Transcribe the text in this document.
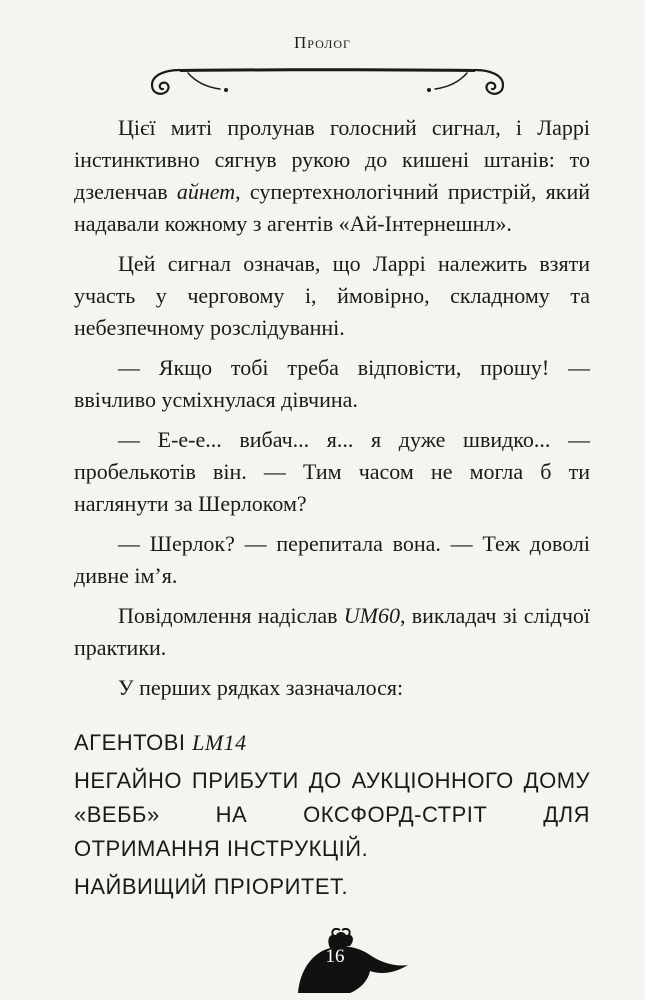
Пролог

Цієї миті пролунав голосний сигнал, і Ларрі інстинктивно сягнув рукою до кишені штанів: то дзеленчав айнет, супертехнологічний пристрій, який надавали кожному з агентів «Ай-Інтернешнл».

Цей сигнал означав, що Ларрі належить взяти участь у черговому і, ймовірно, складному та небезпечному розслідуванні.

— Якщо тобі треба відповісти, прошу! — ввічливо усміхнулася дівчина.

— Е-е-е... вибач... я... я дуже швидко... — пробелькотів він. — Тим часом не могла б ти наглянути за Шерлоком?

— Шерлок? — перепитала вона. — Теж доволі дивне ім’я.

Повідомлення надіслав UM60, викладач зі слідчої практики.

У перших рядках зазначалося:

АГЕНТОВІ LM14

НЕГАЙНО ПРИБУТИ ДО АУКЦІОННОГО ДОМУ «ВЕББ» НА ОКСФОРД-СТРІТ ДЛЯ ОТРИМАННЯ ІНСТРУКЦІЙ.

НАЙВИЩИЙ ПРІОРИТЕТ.

16
